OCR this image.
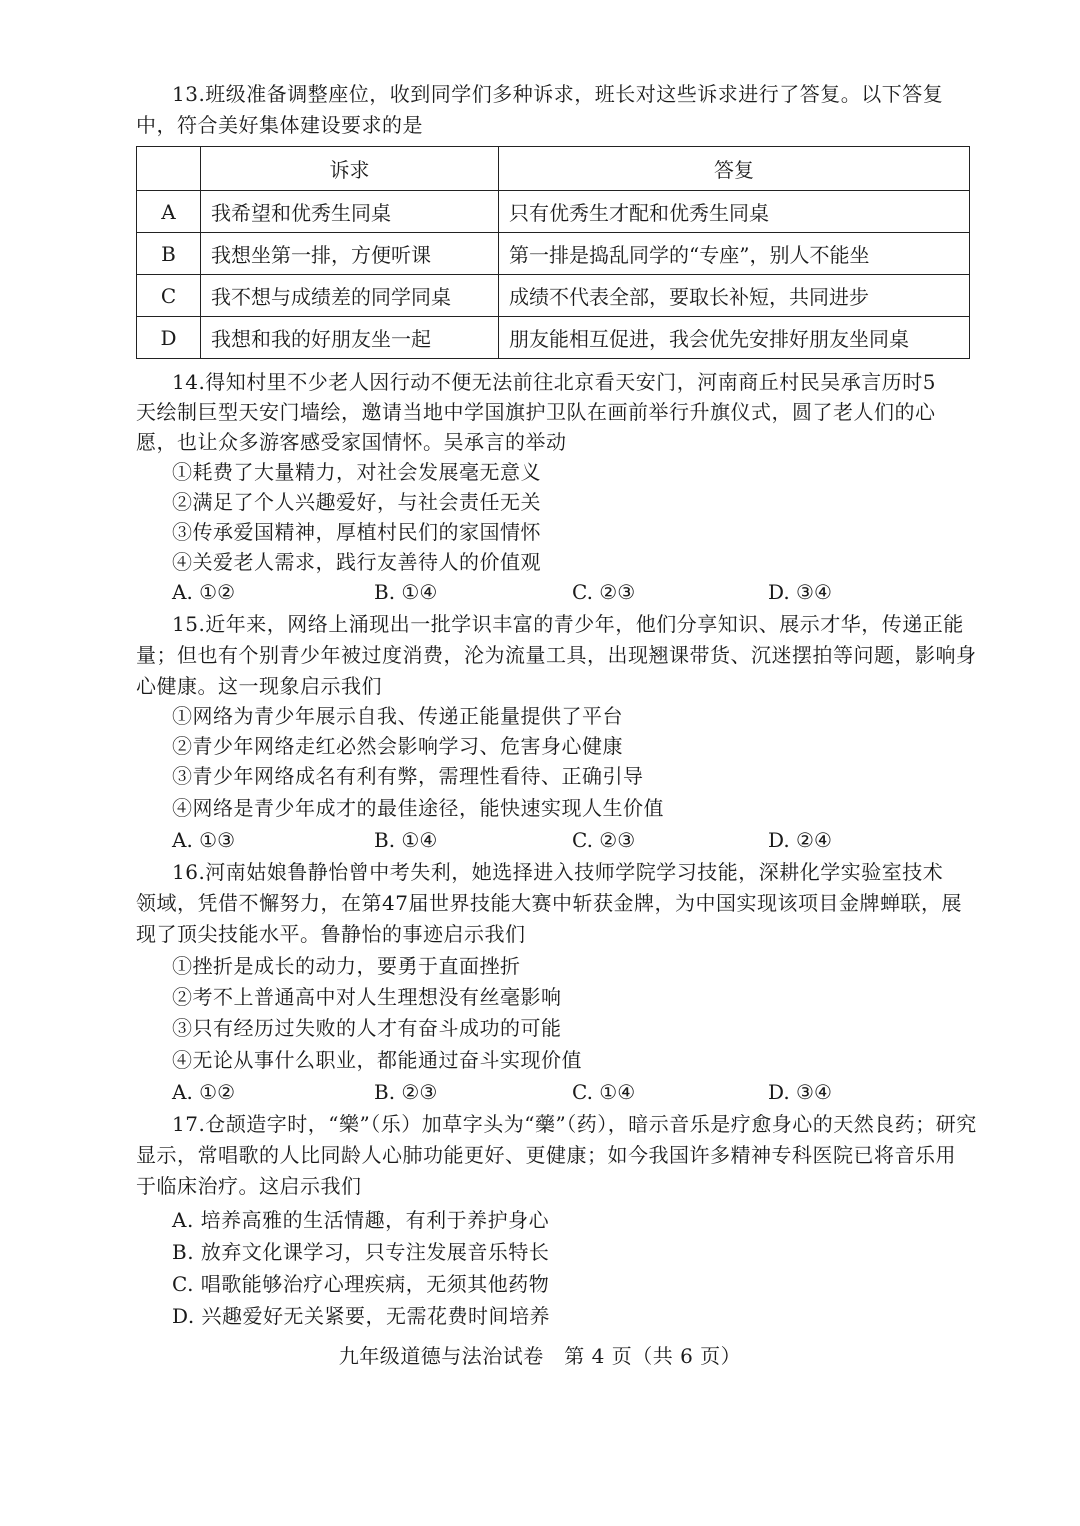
13.班级准备调整座位，收到同学们多种诉求，班长对这些诉求进行了答复。以下答复
中，符合美好集体建设要求的是
	诉求	答复
A	我希望和优秀生同桌	只有优秀生才配和优秀生同桌
B	我想坐第一排，方便听课	第一排是捣乱同学的“专座”，别人不能坐
C	我不想与成绩差的同学同桌	成绩不代表全部，要取长补短，共同进步
D	我想和我的好朋友坐一起	朋友能相互促进，我会优先安排好朋友坐同桌
14.得知村里不少老人因行动不便无法前往北京看天安门，河南商丘村民吴承言历时5
天绘制巨型天安门墙绘，邀请当地中学国旗护卫队在画前举行升旗仪式，圆了老人们的心
愿，也让众多游客感受家国情怀。吴承言的举动
①耗费了大量精力，对社会发展毫无意义
②满足了个人兴趣爱好，与社会责任无关
③传承爱国精神，厚植村民们的家国情怀
④关爱老人需求，践行友善待人的价值观
A. ①②	B. ①④	C. ②③	D. ③④
15.近年来，网络上涌现出一批学识丰富的青少年，他们分享知识、展示才华，传递正能
量；但也有个别青少年被过度消费，沦为流量工具，出现翘课带货、沉迷摆拍等问题，影响身
心健康。这一现象启示我们
①网络为青少年展示自我、传递正能量提供了平台
②青少年网络走红必然会影响学习、危害身心健康
③青少年网络成名有利有弊，需理性看待、正确引导
④网络是青少年成才的最佳途径，能快速实现人生价值
A. ①③	B. ①④	C. ②③	D. ②④
16.河南姑娘鲁静怡曾中考失利，她选择进入技师学院学习技能，深耕化学实验室技术
领域，凭借不懈努力，在第47届世界技能大赛中斩获金牌，为中国实现该项目金牌蝉联，展
现了顶尖技能水平。鲁静怡的事迹启示我们
①挫折是成长的动力，要勇于直面挫折
②考不上普通高中对人生理想没有丝毫影响
③只有经历过失败的人才有奋斗成功的可能
④无论从事什么职业，都能通过奋斗实现价值
A. ①②	B. ②③	C. ①④	D. ③④
17.仓颉造字时，“樂”（乐）加草字头为“藥”（药），暗示音乐是疗愈身心的天然良药；研究
显示，常唱歌的人比同龄人心肺功能更好、更健康；如今我国许多精神专科医院已将音乐用
于临床治疗。这启示我们
A. 培养高雅的生活情趣，有利于养护身心
B. 放弃文化课学习，只专注发展音乐特长
C. 唱歌能够治疗心理疾病，无须其他药物
D. 兴趣爱好无关紧要，无需花费时间培养
九年级道德与法治试卷　第 4 页（共 6 页）
